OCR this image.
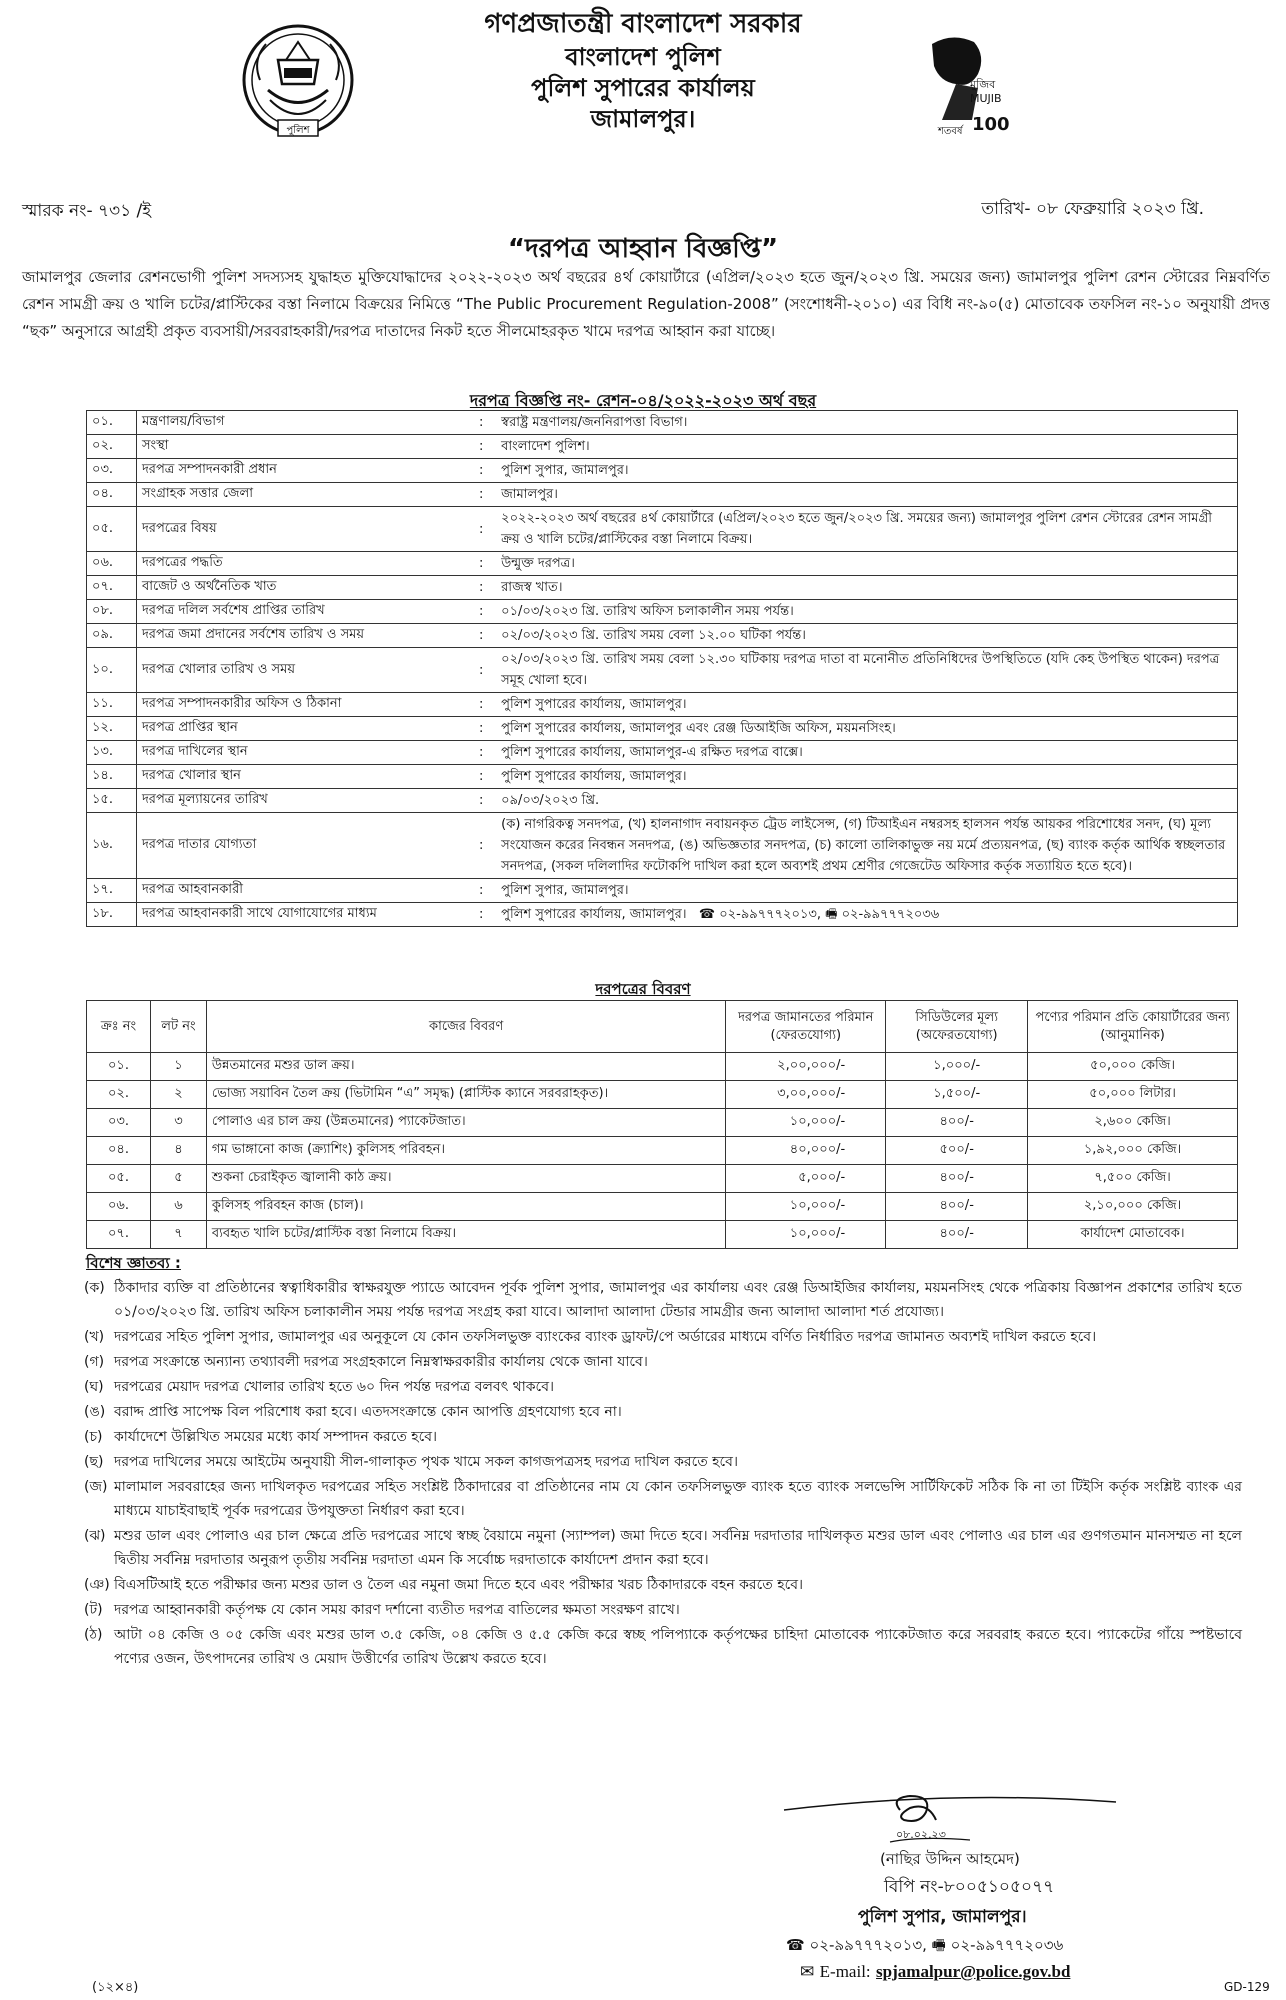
পুলিশ
মুজিব
MUJIB
100
শতবর্ষ
গণপ্রজাতন্ত্রী বাংলাদেশ সরকার
বাংলাদেশ পুলিশ
পুলিশ সুপারের কার্যালয়
জামালপুর।
স্মারক নং- ৭৩১ /ই	তারিখ- ০৮ ফেব্রুয়ারি ২০২৩ খ্রি.
“দরপত্র আহ্বান বিজ্ঞপ্তি”
জামালপুর জেলার রেশনভোগী পুলিশ সদস্যসহ যুদ্ধাহত মুক্তিযোদ্ধাদের ২০২২-২০২৩ অর্থ বছরের ৪র্থ কোয়ার্টারে (এপ্রিল/২০২৩ হতে জুন/২০২৩ খ্রি. সময়ের জন্য) জামালপুর পুলিশ রেশন স্টোরের নিম্নবর্ণিত রেশন সামগ্রী ক্রয় ও খালি চটের/প্লাস্টিকের বস্তা নিলামে বিক্রয়ের নিমিত্তে “The Public Procurement Regulation-2008” (সংশোধনী-২০১০) এর বিধি নং-৯০(৫) মোতাবেক তফসিল নং-১০ অনুযায়ী প্রদত্ত “ছক” অনুসারে আগ্রহী প্রকৃত ব্যবসায়ী/সরবরাহকারী/দরপত্র দাতাদের নিকট হতে সীলমোহরকৃত খামে দরপত্র আহ্বান করা যাচ্ছে।
দরপত্র বিজ্ঞপ্তি নং- রেশন-০৪/২০২২-২০২৩ অর্থ বছর
০১.	মন্ত্রণালয়/বিভাগ	:	স্বরাষ্ট্র মন্ত্রণালয়/জননিরাপত্তা বিভাগ।
০২.	সংস্থা	:	বাংলাদেশ পুলিশ।
০৩.	দরপত্র সম্পাদনকারী প্রধান	:	পুলিশ সুপার, জামালপুর।
০৪.	সংগ্রাহক সত্তার জেলা	:	জামালপুর।
০৫.	দরপত্রের বিষয়	:	২০২২-২০২৩ অর্থ বছরের ৪র্থ কোয়ার্টারে (এপ্রিল/২০২৩ হতে জুন/২০২৩ খ্রি. সময়ের জন্য) জামালপুর পুলিশ রেশন স্টোরের রেশন সামগ্রী ক্রয় ও খালি চটের/প্লাস্টিকের বস্তা নিলামে বিক্রয়।
০৬.	দরপত্রের পদ্ধতি	:	উন্মুক্ত দরপত্র।
০৭.	বাজেট ও অর্থনৈতিক খাত	:	রাজস্ব খাত।
০৮.	দরপত্র দলিল সর্বশেষ প্রাপ্তির তারিখ	:	০১/০৩/২০২৩ খ্রি. তারিখ অফিস চলাকালীন সময় পর্যন্ত।
০৯.	দরপত্র জমা প্রদানের সর্বশেষ তারিখ ও সময়	:	০২/০৩/২০২৩ খ্রি. তারিখ সময় বেলা ১২.০০ ঘটিকা পর্যন্ত।
১০.	দরপত্র খোলার তারিখ ও সময়	:	০২/০৩/২০২৩ খ্রি. তারিখ সময় বেলা ১২.৩০ ঘটিকায় দরপত্র দাতা বা মনোনীত প্রতিনিধিদের উপস্থিতিতে (যদি কেহ উপস্থিত থাকেন) দরপত্র সমূহ খোলা হবে।
১১.	দরপত্র সম্পাদনকারীর অফিস ও ঠিকানা	:	পুলিশ সুপারের কার্যালয়, জামালপুর।
১২.	দরপত্র প্রাপ্তির স্থান	:	পুলিশ সুপারের কার্যালয়, জামালপুর এবং রেঞ্জ ডিআইজি অফিস, ময়মনসিংহ।
১৩.	দরপত্র দাখিলের স্থান	:	পুলিশ সুপারের কার্যালয়, জামালপুর-এ রক্ষিত দরপত্র বাক্সে।
১৪.	দরপত্র খোলার স্থান	:	পুলিশ সুপারের কার্যালয়, জামালপুর।
১৫.	দরপত্র মূল্যায়নের তারিখ	:	০৯/০৩/২০২৩ খ্রি.
১৬.	দরপত্র দাতার যোগ্যতা	:	(ক) নাগরিকত্ব সনদপত্র, (খ) হালনাগাদ নবায়নকৃত ট্রেড লাইসেন্স, (গ) টিআইএন নম্বরসহ হালসন পর্যন্ত আয়কর পরিশোধের সনদ, (ঘ) মূল্য সংযোজন করের নিবন্ধন সনদপত্র, (ঙ) অভিজ্ঞতার সনদপত্র, (চ) কালো তালিকাভুক্ত নয় মর্মে প্রত্যয়নপত্র, (ছ) ব্যাংক কর্তৃক আর্থিক স্বচ্ছলতার সনদপত্র, (সকল দলিলাদির ফটোকপি দাখিল করা হলে অব্যশই প্রথম শ্রেণীর গেজেটেড অফিসার কর্তৃক সত্যায়িত হতে হবে)।
১৭.	দরপত্র আহবানকারী	:	পুলিশ সুপার, জামালপুর।
১৮.	দরপত্র আহবানকারী সাথে যোগাযোগের মাধ্যম	:	পুলিশ সুপারের কার্যালয়, জামালপুর। ☎ ০২-৯৯৭৭৭২০১৩, 🖷 ০২-৯৯৭৭৭২০৩৬
দরপত্রের বিবরণ
ক্রঃ নং	লট নং	কাজের বিবরণ	দরপত্র জামানতের পরিমান (ফেরতযোগ্য)	সিডিউলের মূল্য (অফেরতযোগ্য)	পণ্যের পরিমান প্রতি কোয়ার্টারের জন্য (আনুমানিক)
০১.	১	উন্নতমানের মশুর ডাল ক্রয়।	২,০০,০০০/-	১,০০০/-	৫০,০০০ কেজি।
০২.	২	ভোজ্য সয়াবিন তৈল ক্রয় (ভিটামিন “এ” সমৃদ্ধ) (প্লাস্টিক ক্যানে সরবরাহকৃত)।	৩,০০,০০০/-	১,৫০০/-	৫০,০০০ লিটার।
০৩.	৩	পোলাও এর চাল ক্রয় (উন্নতমানের) প্যাকেটজাত।	১০,০০০/-	৪০০/-	২,৬০০ কেজি।
০৪.	৪	গম ভাঙ্গানো কাজ (ক্র্যাশিং) কুলিসহ পরিবহন।	৪০,০০০/-	৫০০/-	১,৯২,০০০ কেজি।
০৫.	৫	শুকনা চেরাইকৃত জ্বালানী কাঠ ক্রয়।	৫,০০০/-	৪০০/-	৭,৫০০ কেজি।
০৬.	৬	কুলিসহ পরিবহন কাজ (চাল)।	১০,০০০/-	৪০০/-	২,১০,০০০ কেজি।
০৭.	৭	ব্যবহৃত খালি চটের/প্লাস্টিক বস্তা নিলামে বিক্রয়।	১০,০০০/-	৪০০/-	কার্যাদেশ মোতাবেক।
বিশেষ জ্ঞাতব্য :
(ক) ঠিকাদার ব্যক্তি বা প্রতিষ্ঠানের স্বত্বাধিকারীর স্বাক্ষরযুক্ত প্যাডে আবেদন পূর্বক পুলিশ সুপার, জামালপুর এর কার্যালয় এবং রেঞ্জ ডিআইজির কার্যালয়, ময়মনসিংহ থেকে পত্রিকায় বিজ্ঞাপন প্রকাশের তারিখ হতে ০১/০৩/২০২৩ খ্রি. তারিখ অফিস চলাকালীন সময় পর্যন্ত দরপত্র সংগ্রহ করা যাবে। আলাদা আলাদা টেন্ডার সামগ্রীর জন্য আলাদা আলাদা শর্ত প্রযোজ্য।
(খ) দরপত্রের সহিত পুলিশ সুপার, জামালপুর এর অনুকূলে যে কোন তফসিলভুক্ত ব্যাংকের ব্যাংক ড্রাফট/পে অর্ডারের মাধ্যমে বর্ণিত নির্ধারিত দরপত্র জামানত অব্যশই দাখিল করতে হবে।
(গ) দরপত্র সংক্রান্তে অন্যান্য তথ্যাবলী দরপত্র সংগ্রহকালে নিম্নস্বাক্ষরকারীর কার্যালয় থেকে জানা যাবে।
(ঘ) দরপত্রের মেয়াদ দরপত্র খোলার তারিখ হতে ৬০ দিন পর্যন্ত দরপত্র বলবৎ থাকবে।
(ঙ) বরাদ্দ প্রাপ্তি সাপেক্ষ বিল পরিশোধ করা হবে। এতদসংক্রান্তে কোন আপত্তি গ্রহণযোগ্য হবে না।
(চ) কার্যাদেশে উল্লিখিত সময়ের মধ্যে কার্য সম্পাদন করতে হবে।
(ছ) দরপত্র দাখিলের সময়ে আইটেম অনুযায়ী সীল-গালাকৃত পৃথক খামে সকল কাগজপত্রসহ দরপত্র দাখিল করতে হবে।
(জ) মালামাল সরবরাহের জন্য দাখিলকৃত দরপত্রের সহিত সংশ্লিষ্ট ঠিকাদারের বা প্রতিষ্ঠানের নাম যে কোন তফসিলভুক্ত ব্যাংক হতে ব্যাংক সলভেন্সি সার্টিফিকেট সঠিক কি না তা টিইসি কর্তৃক সংশ্লিষ্ট ব্যাংক এর মাধ্যমে যাচাইবাছাই পূর্বক দরপত্রের উপযুক্ততা নির্ধারণ করা হবে।
(ঝ) মশুর ডাল এবং পোলাও এর চাল ক্ষেত্রে প্রতি দরপত্রের সাথে স্বচ্ছ বৈয়ামে নমুনা (স্যাম্পল) জমা দিতে হবে। সর্বনিম্ন দরদাতার দাখিলকৃত মশুর ডাল এবং পোলাও এর চাল এর গুণগতমান মানসম্মত না হলে দ্বিতীয় সর্বনিম্ন দরদাতার অনুরূপ তৃতীয় সর্বনিম্ন দরদাতা এমন কি সর্বোচ্চ দরদাতাকে কার্যাদেশ প্রদান করা হবে।
(ঞ) বিএসটিআই হতে পরীক্ষার জন্য মশুর ডাল ও তৈল এর নমুনা জমা দিতে হবে এবং পরীক্ষার খরচ ঠিকাদারকে বহন করতে হবে।
(ট) দরপত্র আহ্বানকারী কর্তৃপক্ষ যে কোন সময় কারণ দর্শানো ব্যতীত দরপত্র বাতিলের ক্ষমতা সংরক্ষণ রাখে।
(ঠ) আটা ০৪ কেজি ও ০৫ কেজি এবং মশুর ডাল ৩.৫ কেজি, ০৪ কেজি ও ৫.৫ কেজি করে স্বচ্ছ পলিপ্যাকে কর্তৃপক্ষের চাহিদা মোতাবেক প্যাকেটজাত করে সরবরাহ করতে হবে। প্যাকেটের গাঁয়ে স্পষ্টভাবে পণ্যের ওজন, উৎপাদনের তারিখ ও মেয়াদ উত্তীর্ণের তারিখ উল্লেখ করতে হবে।
০৮.০২.২৩
(নাছির উদ্দিন আহমেদ)
বিপি নং-৮০০৫১০৫০৭৭
পুলিশ সুপার, জামালপুর।
☎ ০২-৯৯৭৭৭২০১৩, 🖷 ০২-৯৯৭৭৭২০৩৬
✉ E-mail: spjamalpur@police.gov.bd
(১২×৪)	GD-129
